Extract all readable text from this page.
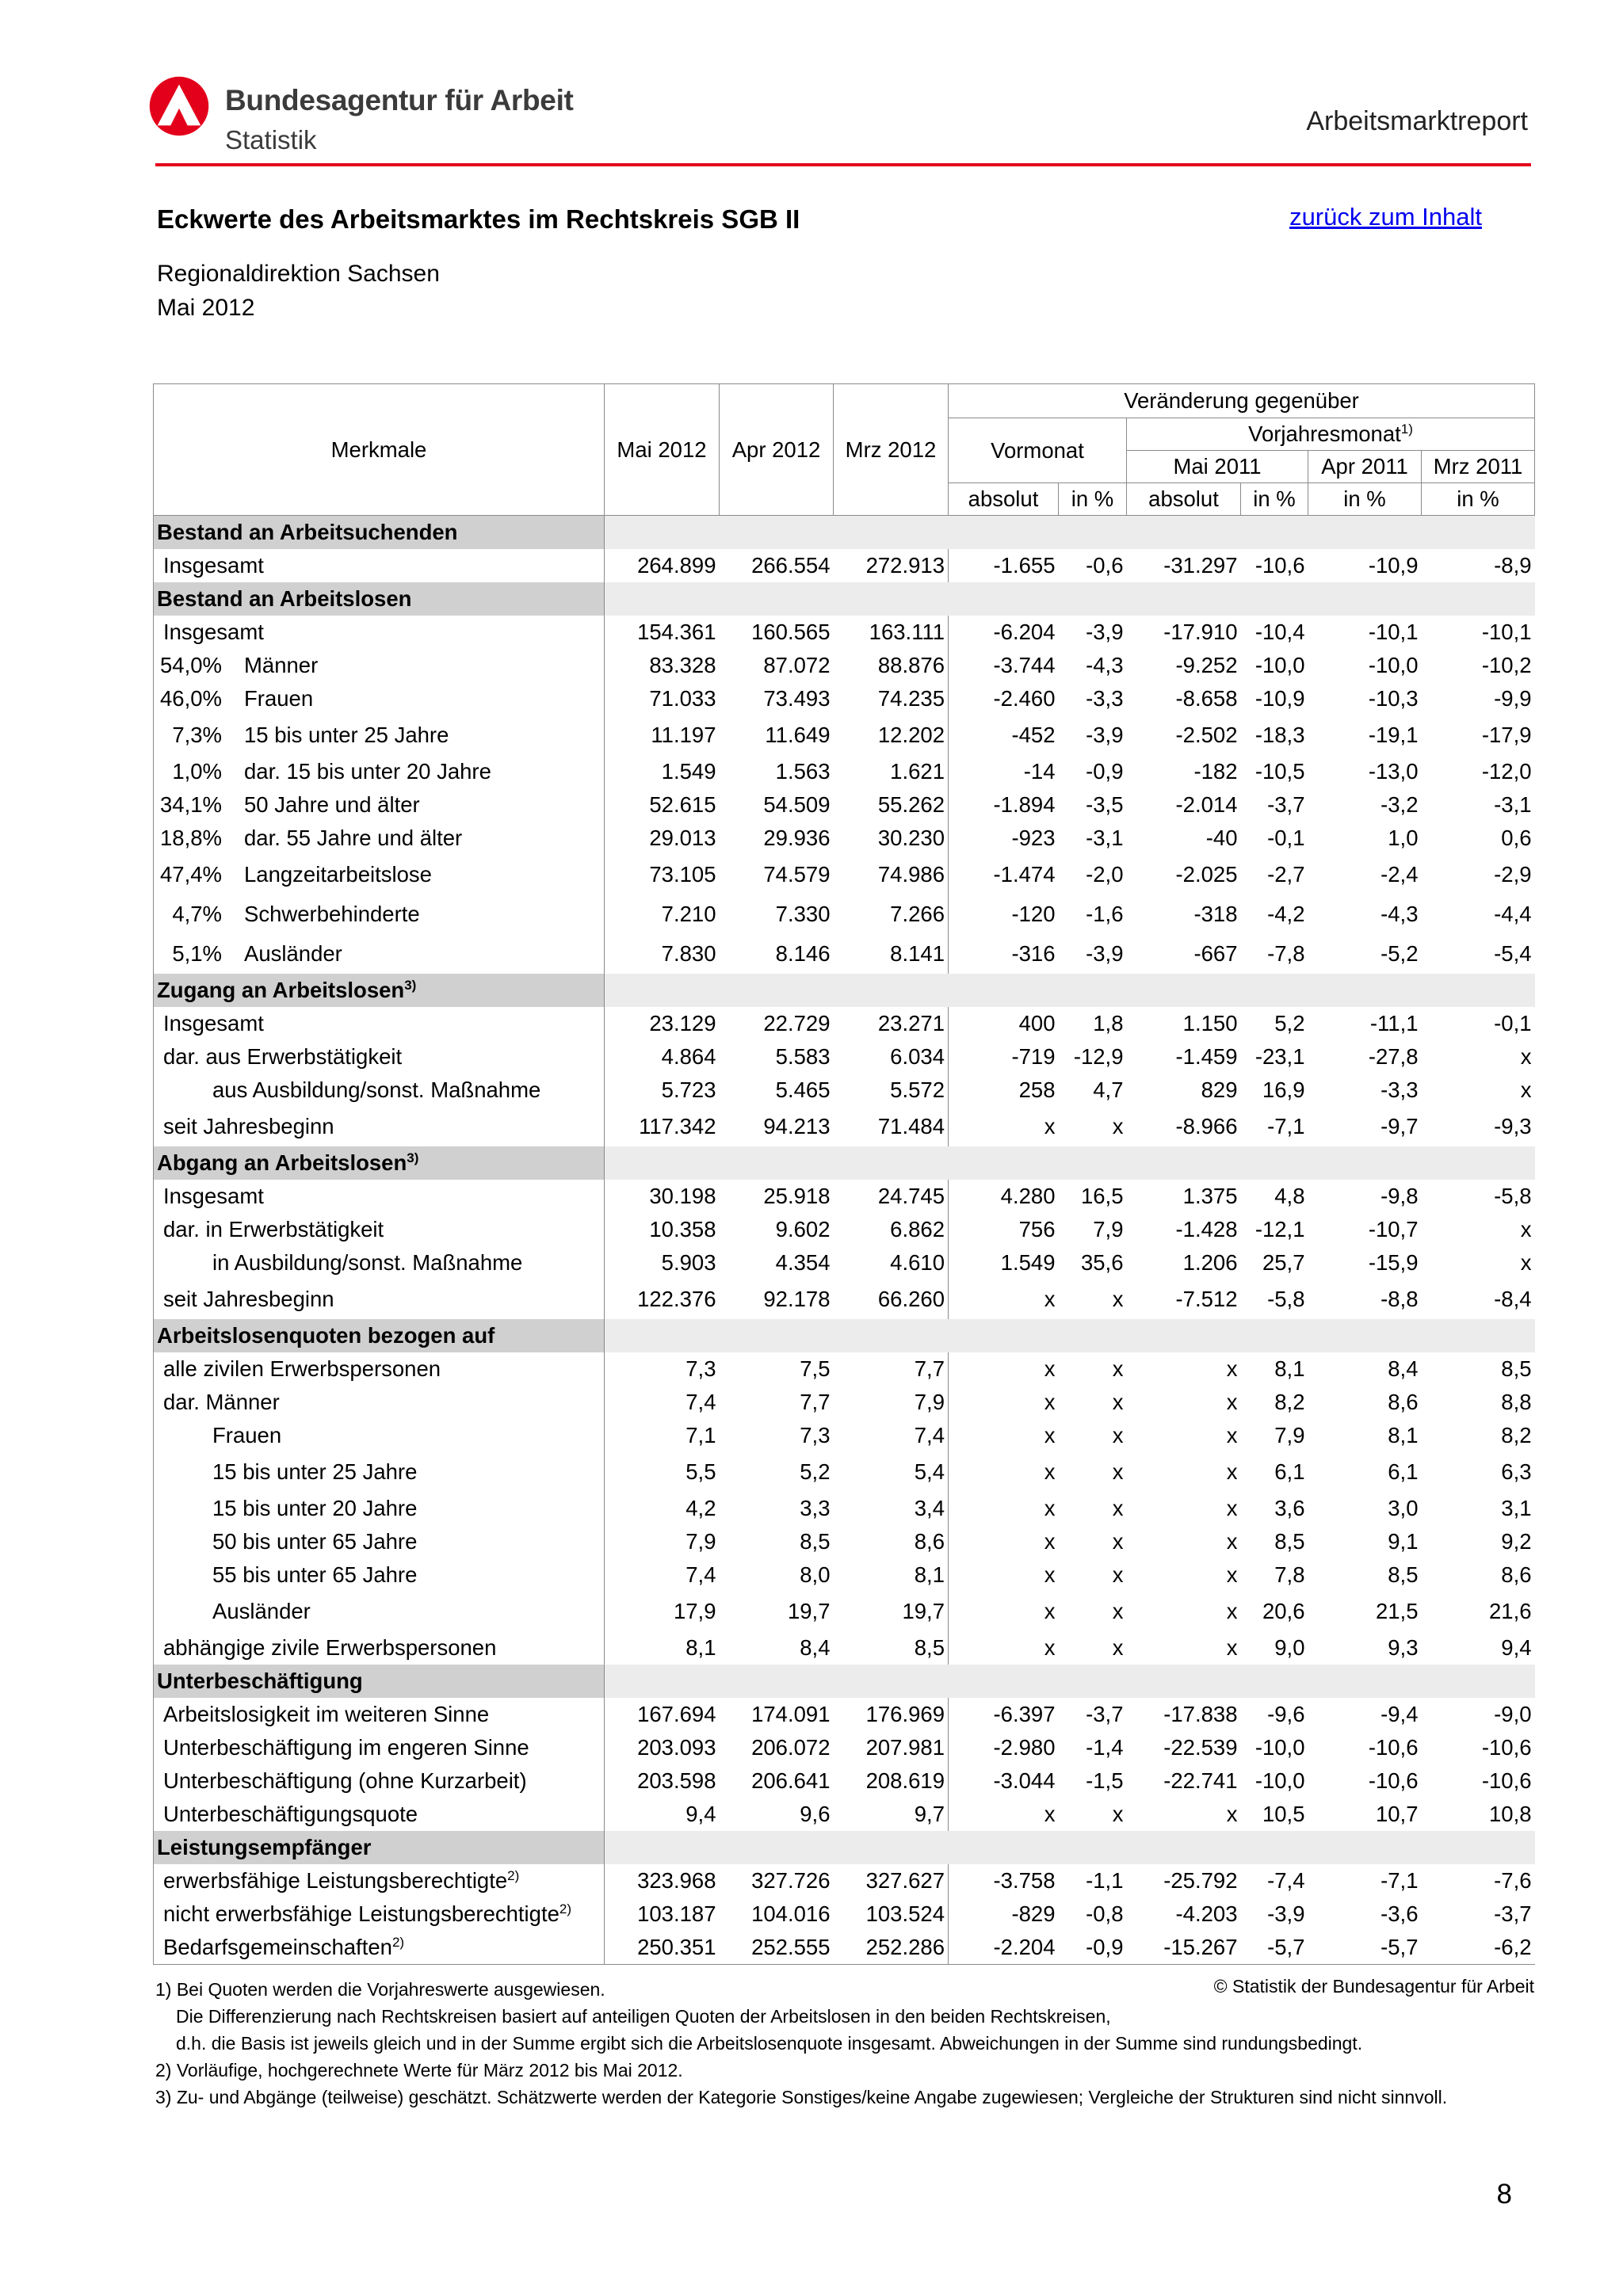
Bundesagentur für Arbeit
Statistik
Arbeitsmarktreport
Eckwerte des Arbeitsmarktes im Rechtskreis SGB II	zurück zum Inhalt
Regionaldirektion Sachsen
Mai 2012
Merkmale	Mai 2012	Apr 2012	Mrz 2012	Veränderung gegenüber					
				Vormonat		Vorjahresmonat$^{1)}$
						Mai 2011		Apr 2011	Mrz 2011
				absolut	in %	absolut	in %	in %	in %
Bestand an Arbeitsuchenden									
Insgesamt	264.899	266.554	272.913	-1.655	-0,6	-31.297	-10,6	-10,9	-8,9
Bestand an Arbeitslosen									
Insgesamt	154.361	160.565	163.111	-6.204	-3,9	-17.910	-10,4	-10,1	-10,1
54,0% Männer	83.328	87.072	88.876	-3.744	-4,3	-9.252	-10,0	-10,0	-10,2
46,0% Frauen	71.033	73.493	74.235	-2.460	-3,3	-8.658	-10,9	-10,3	-9,9
7,3% 15 bis unter 25 Jahre	11.197	11.649	12.202	-452	-3,9	-2.502	-18,3	-19,1	-17,9
1,0% dar. 15 bis unter 20 Jahre	1.549	1.563	1.621	-14	-0,9	-182	-10,5	-13,0	-12,0
34,1% 50 Jahre und älter	52.615	54.509	55.262	-1.894	-3,5	-2.014	-3,7	-3,2	-3,1
18,8% dar. 55 Jahre und älter	29.013	29.936	30.230	-923	-3,1	-40	-0,1	1,0	0,6
47,4% Langzeitarbeitslose	73.105	74.579	74.986	-1.474	-2,0	-2.025	-2,7	-2,4	-2,9
4,7% Schwerbehinderte	7.210	7.330	7.266	-120	-1,6	-318	-4,2	-4,3	-4,4
5,1% Ausländer	7.830	8.146	8.141	-316	-3,9	-667	-7,8	-5,2	-5,4
Zugang an Arbeitslosen$^{3)}$	
Insgesamt	23.129	22.729	23.271	400	1,8	1.150	5,2	-11,1	-0,1
dar. aus Erwerbstätigkeit	4.864	5.583	6.034	-719	-12,9	-1.459	-23,1	-27,8	x
aus Ausbildung/sonst. Maßnahme	5.723	5.465	5.572	258	4,7	829	16,9	-3,3	x
seit Jahresbeginn	117.342	94.213	71.484	x	x	-8.966	-7,1	-9,7	-9,3
Abgang an Arbeitslosen$^{3)}$	
Insgesamt	30.198	25.918	24.745	4.280	16,5	1.375	4,8	-9,8	-5,8
dar. in Erwerbstätigkeit	10.358	9.602	6.862	756	7,9	-1.428	-12,1	-10,7	x
in Ausbildung/sonst. Maßnahme	5.903	4.354	4.610	1.549	35,6	1.206	25,7	-15,9	x
seit Jahresbeginn	122.376	92.178	66.260	x	x	-7.512	-5,8	-8,8	-8,4
Arbeitslosenquoten bezogen auf									
alle zivilen Erwerbspersonen	7,3	7,5	7,7	x	x	x	8,1	8,4	8,5
dar. Männer	7,4	7,7	7,9	x	x	x	8,2	8,6	8,8
Frauen	7,1	7,3	7,4	x	x	x	7,9	8,1	8,2
15 bis unter 25 Jahre	5,5	5,2	5,4	x	x	x	6,1	6,1	6,3
15 bis unter 20 Jahre	4,2	3,3	3,4	x	x	x	3,6	3,0	3,1
50 bis unter 65 Jahre	7,9	8,5	8,6	x	x	x	8,5	9,1	9,2
55 bis unter 65 Jahre	7,4	8,0	8,1	x	x	x	7,8	8,5	8,6
Ausländer	17,9	19,7	19,7	x	x	x	20,6	21,5	21,6
abhängige zivile Erwerbspersonen	8,1	8,4	8,5	x	x	x	9,0	9,3	9,4
Unterbeschäftigung									
Arbeitslosigkeit im weiteren Sinne	167.694	174.091	176.969	-6.397	-3,7	-17.838	-9,6	-9,4	-9,0
Unterbeschäftigung im engeren Sinne	203.093	206.072	207.981	-2.980	-1,4	-22.539	-10,0	-10,6	-10,6
Unterbeschäftigung (ohne Kurzarbeit)	203.598	206.641	208.619	-3.044	-1,5	-22.741	-10,0	-10,6	-10,6
Unterbeschäftigungsquote	9,4	9,6	9,7	x	x	x	10,5	10,7	10,8
Leistungsempfänger									
erwerbsfähige Leistungsberechtigte$^{2)}$	323.968	327.726	327.627	-3.758	-1,1	-25.792	-7,4	-7,1	-7,6
nicht erwerbsfähige Leistungsberechtigte$^{2)}$	103.187	104.016	103.524	-829	-0,8	-4.203	-3,9	-3,6	-3,7
Bedarfsgemeinschaften$^{2)}$	250.351	252.555	252.286	-2.204	-0,9	-15.267	-5,7	-5,7	-6,2
1) Bei Quoten werden die Vorjahreswerte ausgewiesen.
Die Differenzierung nach Rechtskreisen basiert auf anteiligen Quoten der Arbeitslosen in den beiden Rechtskreisen,
d.h. die Basis ist jeweils gleich und in der Summe ergibt sich die Arbeitslosenquote insgesamt. Abweichungen in der Summe sind rundungsbedingt.
2) Vorläufige, hochgerechnete Werte für März 2012 bis Mai 2012.
3) Zu- und Abgänge (teilweise) geschätzt. Schätzwerte werden der Kategorie Sonstiges/keine Angabe zugewiesen; Vergleiche der Strukturen sind nicht sinnvoll.
© Statistik der Bundesagentur für Arbeit
8
